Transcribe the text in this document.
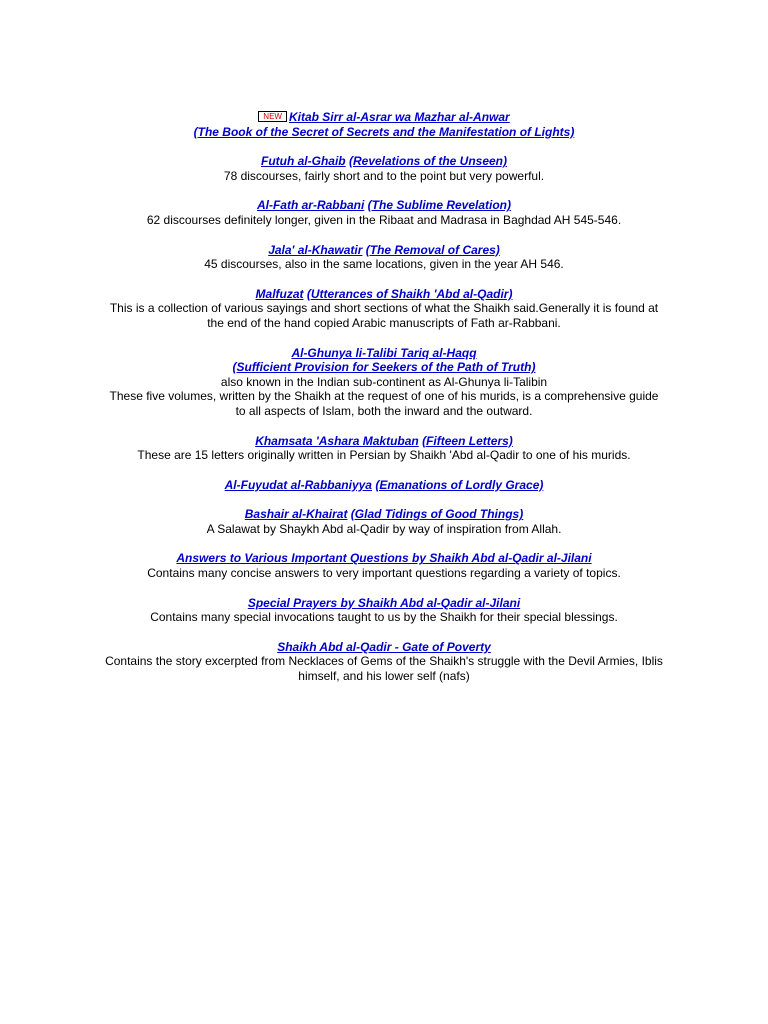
NEW Kitab Sirr al-Asrar wa Mazhar al-Anwar
(The Book of the Secret of Secrets and the Manifestation of Lights)
Futuh al-Ghaib (Revelations of the Unseen)
78 discourses, fairly short and to the point but very powerful.
Al-Fath ar-Rabbani (The Sublime Revelation)
62 discourses definitely longer, given in the Ribaat and Madrasa in Baghdad AH 545-546.
Jala' al-Khawatir (The Removal of Cares)
45 discourses, also in the same locations, given in the year AH 546.
Malfuzat (Utterances of Shaikh 'Abd al-Qadir)
This is a collection of various sayings and short sections of what the Shaikh said.Generally it is found at
the end of the hand copied Arabic manuscripts of Fath ar-Rabbani.
Al-Ghunya li-Talibi Tariq al-Haqq
(Sufficient Provision for Seekers of the Path of Truth)
also known in the Indian sub-continent as Al-Ghunya li-Talibin
These five volumes, written by the Shaikh at the request of one of his murids, is a comprehensive guide
to all aspects of Islam, both the inward and the outward.
Khamsata 'Ashara Maktuban (Fifteen Letters)
These are 15 letters originally written in Persian by Shaikh 'Abd al-Qadir to one of his murids.
Al-Fuyudat al-Rabbaniyya (Emanations of Lordly Grace)
Bashair al-Khairat (Glad Tidings of Good Things)
A Salawat by Shaykh Abd al-Qadir by way of inspiration from Allah.
Answers to Various Important Questions by Shaikh Abd al-Qadir al-Jilani
Contains many concise answers to very important questions regarding a variety of topics.
Special Prayers by Shaikh Abd al-Qadir al-Jilani
Contains many special invocations taught to us by the Shaikh for their special blessings.
Shaikh Abd al-Qadir - Gate of Poverty
Contains the story excerpted from Necklaces of Gems of the Shaikh's struggle with the Devil Armies, Iblis
himself, and his lower self (nafs)
